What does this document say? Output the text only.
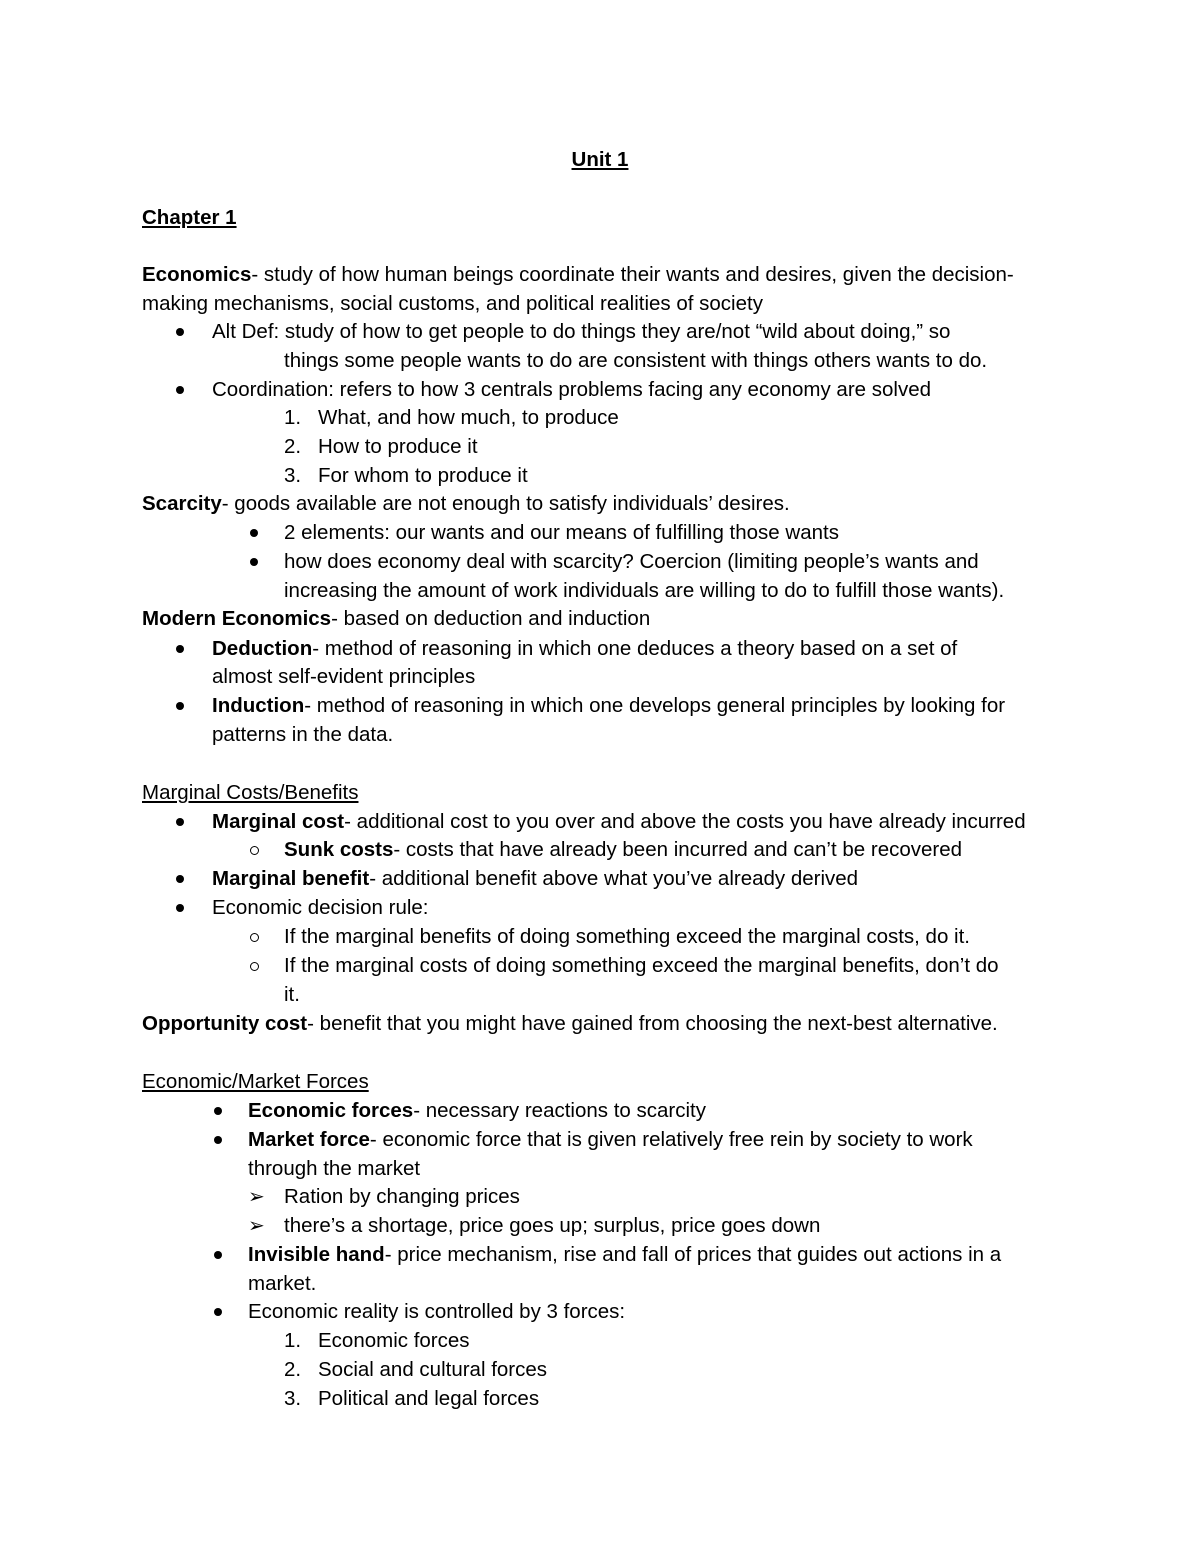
Unit 1
Chapter 1
Economics- study of how human beings coordinate their wants and desires, given the decision-
making mechanisms, social customs, and political realities of society
Alt Def: study of how to get people to do things they are/not “wild about doing,” so
things some people wants to do are consistent with things others wants to do.
Coordination: refers to how 3 centrals problems facing any economy are solved
1. What, and how much, to produce
2. How to produce it
3. For whom to produce it
Scarcity- goods available are not enough to satisfy individuals’ desires.
2 elements: our wants and our means of fulfilling those wants
how does economy deal with scarcity? Coercion (limiting people’s wants and
increasing the amount of work individuals are willing to do to fulfill those wants).
Modern Economics- based on deduction and induction
Deduction- method of reasoning in which one deduces a theory based on a set of
almost self-evident principles
Induction- method of reasoning in which one develops general principles by looking for
patterns in the data.
Marginal Costs/Benefits
Marginal cost- additional cost to you over and above the costs you have already incurred
Sunk costs- costs that have already been incurred and can’t be recovered
Marginal benefit- additional benefit above what you’ve already derived
Economic decision rule:
If the marginal benefits of doing something exceed the marginal costs, do it.
If the marginal costs of doing something exceed the marginal benefits, don’t do
it.
Opportunity cost- benefit that you might have gained from choosing the next-best alternative.
Economic/Market Forces
Economic forces- necessary reactions to scarcity
Market force- economic force that is given relatively free rein by society to work
through the market
➢ Ration by changing prices
➢ there’s a shortage, price goes up; surplus, price goes down
Invisible hand- price mechanism, rise and fall of prices that guides out actions in a
market.
Economic reality is controlled by 3 forces:
1. Economic forces
2. Social and cultural forces
3. Political and legal forces
